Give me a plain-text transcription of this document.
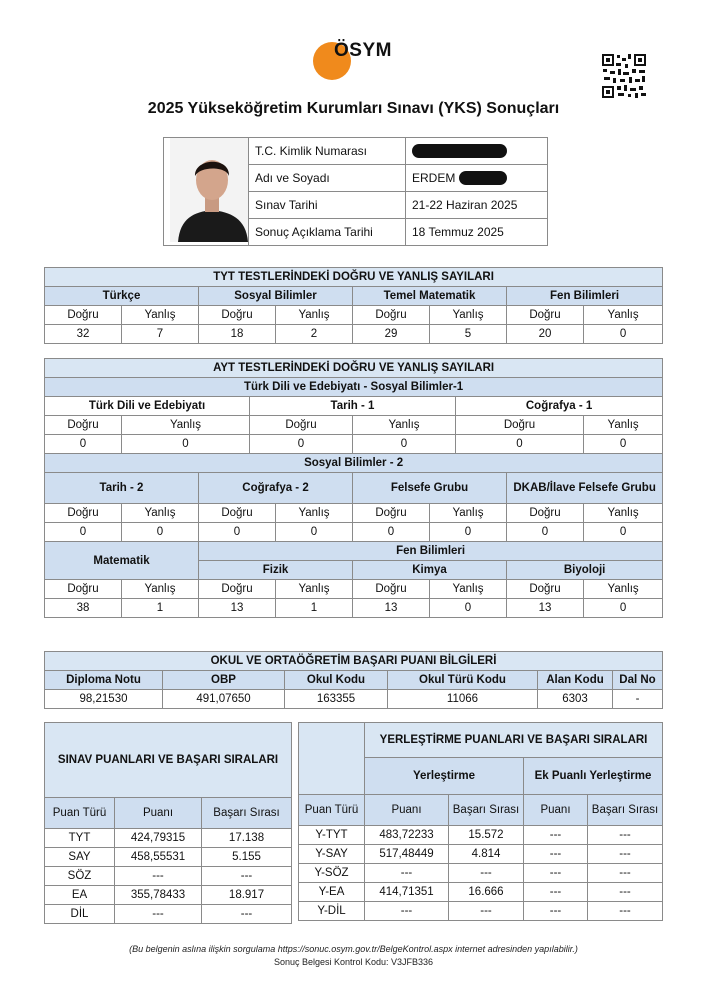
ÖSYM
2025 Yükseköğretim Kurumları Sınavı (YKS) Sonuçları
	T.C. Kimlik Numarası	
	Adı ve Soyadı	ERDEM
	Sınav Tarihi	21-22 Haziran 2025
	Sonuç Açıklama Tarihi	18 Temmuz 2025
TYT TESTLERİNDEKİ DOĞRU VE YANLIŞ SAYILARI							
Türkçe		Sosyal Bilimler		Temel Matematik		Fen Bilimleri	
Doğru	Yanlış	Doğru	Yanlış	Doğru	Yanlış	Doğru	Yanlış
32	7	18	2	29	5	20	0
AYT TESTLERİNDEKİ DOĞRU VE YANLIŞ SAYILARI									
Türk Dili ve Edebiyatı - Sosyal Bilimler-1									
Türk Dili ve Edebiyatı			Tarih - 1				Coğrafya - 1		
Doğru	Yanlış		Doğru		Yanlış		Doğru		Yanlış
0	0		0		0		0		0
Sosyal Bilimler - 2									
Tarih - 2		Coğrafya - 2			Felsefe Grubu			DKAB/İlave Felsefe Grubu	
Doğru	Yanlış	Doğru		Yanlış	Doğru	Yanlış		Doğru	Yanlış
0	0	0		0	0	0		0	0
Matematik		Fen Bilimleri							
		Fizik			Kimya			Biyoloji	
Doğru	Yanlış	Doğru		Yanlış	Doğru	Yanlış		Doğru	Yanlış
38	1	13		1	13	0		13	0
OKUL VE ORTAÖĞRETİM BAŞARI PUANI BİLGİLERİ					
Diploma Notu	OBP	Okul Kodu	Okul Türü Kodu	Alan Kodu	Dal No
98,21530	491,07650	163355	11066	6303	-
SINAV PUANLARI VE BAŞARI SIRALARI		
Puan Türü	Puanı	Başarı Sırası
TYT	424,79315	17.138
SAY	458,55531	5.155
SÖZ	---	---
EA	355,78433	18.917
DİL	---	---
	YERLEŞTİRME PUANLARI VE BAŞARI SIRALARI			
	Yerleştirme		Ek Puanlı Yerleştirme	

Puan Türü	Puanı	Başarı Sırası	Puanı	Başarı Sırası
Y-TYT	483,72233	15.572	---	---
Y-SAY	517,48449	4.814	---	---
Y-SÖZ	---	---	---	---
Y-EA	414,71351	16.666	---	---
Y-DİL	---	---	---	---
(Bu belgenin aslına ilişkin sorgulama https://sonuc.osym.gov.tr/BelgeKontrol.aspx internet adresinden yapılabilir.)
Sonuç Belgesi Kontrol Kodu: V3JFB336
